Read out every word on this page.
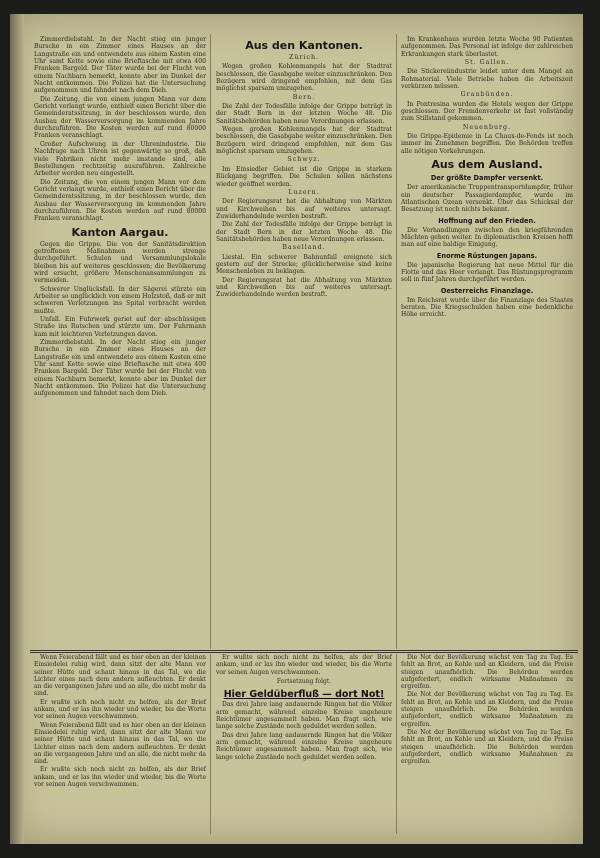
Zimmerdiebstahl. In der Nacht stieg ein junger Bursche in ein Zimmer eines Hauses an der Langstraße ein und entwendete aus einem Kasten eine Uhr samt Kette sowie eine Brieftasche mit etwa 400 Franken Bargeld. Der Täter wurde bei der Flucht von einem Nachbarn bemerkt, konnte aber im Dunkel der Nacht entkommen. Die Polizei hat die Untersuchung aufgenommen und fahndet nach dem Dieb.

Die Zeitung, die von einem jungen Mann vor dem Gericht verlangt wurde, enthielt einen Bericht über die Gemeinderatssitzung, in der beschlossen wurde, den Ausbau der Wasserversorgung im kommenden Jahre durchzuführen. Die Kosten werden auf rund 80000 Franken veranschlagt.

Großer Aufschwung in der Uhrenindustrie. Die Nachfrage nach Uhren ist gegenwärtig so groß, daß viele Fabriken nicht mehr imstande sind, alle Bestellungen rechtzeitig auszuführen. Zahlreiche Arbeiter werden neu eingestellt.

Die Zeitung, die von einem jungen Mann vor dem Gericht verlangt wurde, enthielt einen Bericht über die Gemeinderatssitzung, in der beschlossen wurde, den Ausbau der Wasserversorgung im kommenden Jahre durchzuführen. Die Kosten werden auf rund 80000 Franken veranschlagt.

Kanton Aargau.

Gegen die Grippe. Die von der Sanitätsdirektion getroffenen Maßnahmen werden strenge durchgeführt. Schulen und Versammlungslokale bleiben bis auf weiteres geschlossen; die Bevölkerung wird ersucht, größere Menschenansammlungen zu vermeiden.

Schwerer Unglücksfall. In der Sägerei stürzte ein Arbeiter so unglücklich von einem Holzstoß, daß er mit schweren Verletzungen ins Spital verbracht werden mußte.

Unfall. Ein Fuhrwerk geriet auf der abschüssigen Straße ins Rutschen und stürzte um. Der Fuhrmann kam mit leichteren Verletzungen davon.

Zimmerdiebstahl. In der Nacht stieg ein junger Bursche in ein Zimmer eines Hauses an der Langstraße ein und entwendete aus einem Kasten eine Uhr samt Kette sowie eine Brieftasche mit etwa 400 Franken Bargeld. Der Täter wurde bei der Flucht von einem Nachbarn bemerkt, konnte aber im Dunkel der Nacht entkommen. Die Polizei hat die Untersuchung aufgenommen und fahndet nach dem Dieb.

Aus den Kantonen.
Zürich.

Wegen großen Kohlenmangels hat der Stadtrat beschlossen, die Gasabgabe weiter einzuschränken. Den Bezügern wird dringend empfohlen, mit dem Gas möglichst sparsam umzugehen.

Bern.

Die Zahl der Todesfälle infolge der Grippe beträgt in der Stadt Bern in der letzten Woche 48. Die Sanitätsbehörden haben neue Verordnungen erlassen.

Wegen großen Kohlenmangels hat der Stadtrat beschlossen, die Gasabgabe weiter einzuschränken. Den Bezügern wird dringend empfohlen, mit dem Gas möglichst sparsam umzugehen.

Schwyz.

Im Einsiedler Gebiet ist die Grippe in starkem Rückgang begriffen. Die Schulen sollen nächstens wieder geöffnet werden.

Luzern.

Der Regierungsrat hat die Abhaltung von Märkten und Kirchweihen bis auf weiteres untersagt. Zuwiderhandelnde werden bestraft.

Die Zahl der Todesfälle infolge der Grippe beträgt in der Stadt Bern in der letzten Woche 48. Die Sanitätsbehörden haben neue Verordnungen erlassen.

Baselland.

Liestal. Ein schwerer Bahnunfall ereignete sich gestern auf der Strecke; glücklicherweise sind keine Menschenleben zu beklagen.

Der Regierungsrat hat die Abhaltung von Märkten und Kirchweihen bis auf weiteres untersagt. Zuwiderhandelnde werden bestraft.

Im Krankenhaus wurden letzte Woche 90 Patienten aufgenommen. Das Personal ist infolge der zahlreichen Erkrankungen stark überlastet.

St. Gallen.

Die Stickereiindustrie leidet unter dem Mangel an Rohmaterial. Viele Betriebe haben die Arbeitszeit verkürzen müssen.

Graubünden.

In Pontresina wurden die Hotels wegen der Grippe geschlossen. Der Fremdenverkehr ist fast vollständig zum Stillstand gekommen.

Neuenburg.

Die Grippe-Epidemie in La Chaux-de-Fonds ist noch immer im Zunehmen begriffen. Die Behörden treffen alle nötigen Vorkehrungen.

Aus dem Ausland.
Der größte Dampfer versenkt.

Der amerikanische Truppentransportdampfer, früher ein deutscher Passagierdampfer, wurde im Atlantischen Ozean versenkt. Über das Schicksal der Besatzung ist noch nichts bekannt.

Hoffnung auf den Frieden.

Die Verhandlungen zwischen den kriegführenden Mächten gehen weiter. In diplomatischen Kreisen hofft man auf eine baldige Einigung.

Enorme Rüstungen Japans.

Die japanische Regierung hat neue Mittel für die Flotte und das Heer verlangt. Das Rüstungsprogramm soll in fünf Jahren durchgeführt werden.

Oesterreichs Finanzlage.

Im Reichsrat wurde über die Finanzlage des Staates beraten. Die Kriegsschulden haben eine bedenkliche Höhe erreicht.

Wenn Feierabend fällt und es hier oben an der kleinen Einsiedelei ruhig wird, dann sitzt der alte Mann vor seiner Hütte und schaut hinaus in das Tal, wo die Lichter eines nach dem andern aufleuchten. Er denkt an die vergangenen Jahre und an alle, die nicht mehr da sind.

Er wußte sich noch nicht zu helfen, als der Brief ankam, und er las ihn wieder und wieder, bis die Worte vor seinen Augen verschwammen.

Wenn Feierabend fällt und es hier oben an der kleinen Einsiedelei ruhig wird, dann sitzt der alte Mann vor seiner Hütte und schaut hinaus in das Tal, wo die Lichter eines nach dem andern aufleuchten. Er denkt an die vergangenen Jahre und an alle, die nicht mehr da sind.

Er wußte sich noch nicht zu helfen, als der Brief ankam, und er las ihn wieder und wieder, bis die Worte vor seinen Augen verschwammen.

Er wußte sich noch nicht zu helfen, als der Brief ankam, und er las ihn wieder und wieder, bis die Worte vor seinen Augen verschwammen.

Fortsetzung folgt.
Hier Geldüberfluß — dort Not!

Das drei Jahre lang andauernde Ringen hat die Völker arm gemacht, während einzelne Kreise ungeheure Reichtümer angesammelt haben. Man fragt sich, wie lange solche Zustände noch geduldet werden sollen.

Das drei Jahre lang andauernde Ringen hat die Völker arm gemacht, während einzelne Kreise ungeheure Reichtümer angesammelt haben. Man fragt sich, wie lange solche Zustände noch geduldet werden sollen.

Die Not der Bevölkerung wächst von Tag zu Tag. Es fehlt an Brot, an Kohle und an Kleidern, und die Preise steigen unaufhörlich. Die Behörden werden aufgefordert, endlich wirksame Maßnahmen zu ergreifen.

Die Not der Bevölkerung wächst von Tag zu Tag. Es fehlt an Brot, an Kohle und an Kleidern, und die Preise steigen unaufhörlich. Die Behörden werden aufgefordert, endlich wirksame Maßnahmen zu ergreifen.

Die Not der Bevölkerung wächst von Tag zu Tag. Es fehlt an Brot, an Kohle und an Kleidern, und die Preise steigen unaufhörlich. Die Behörden werden aufgefordert, endlich wirksame Maßnahmen zu ergreifen.
